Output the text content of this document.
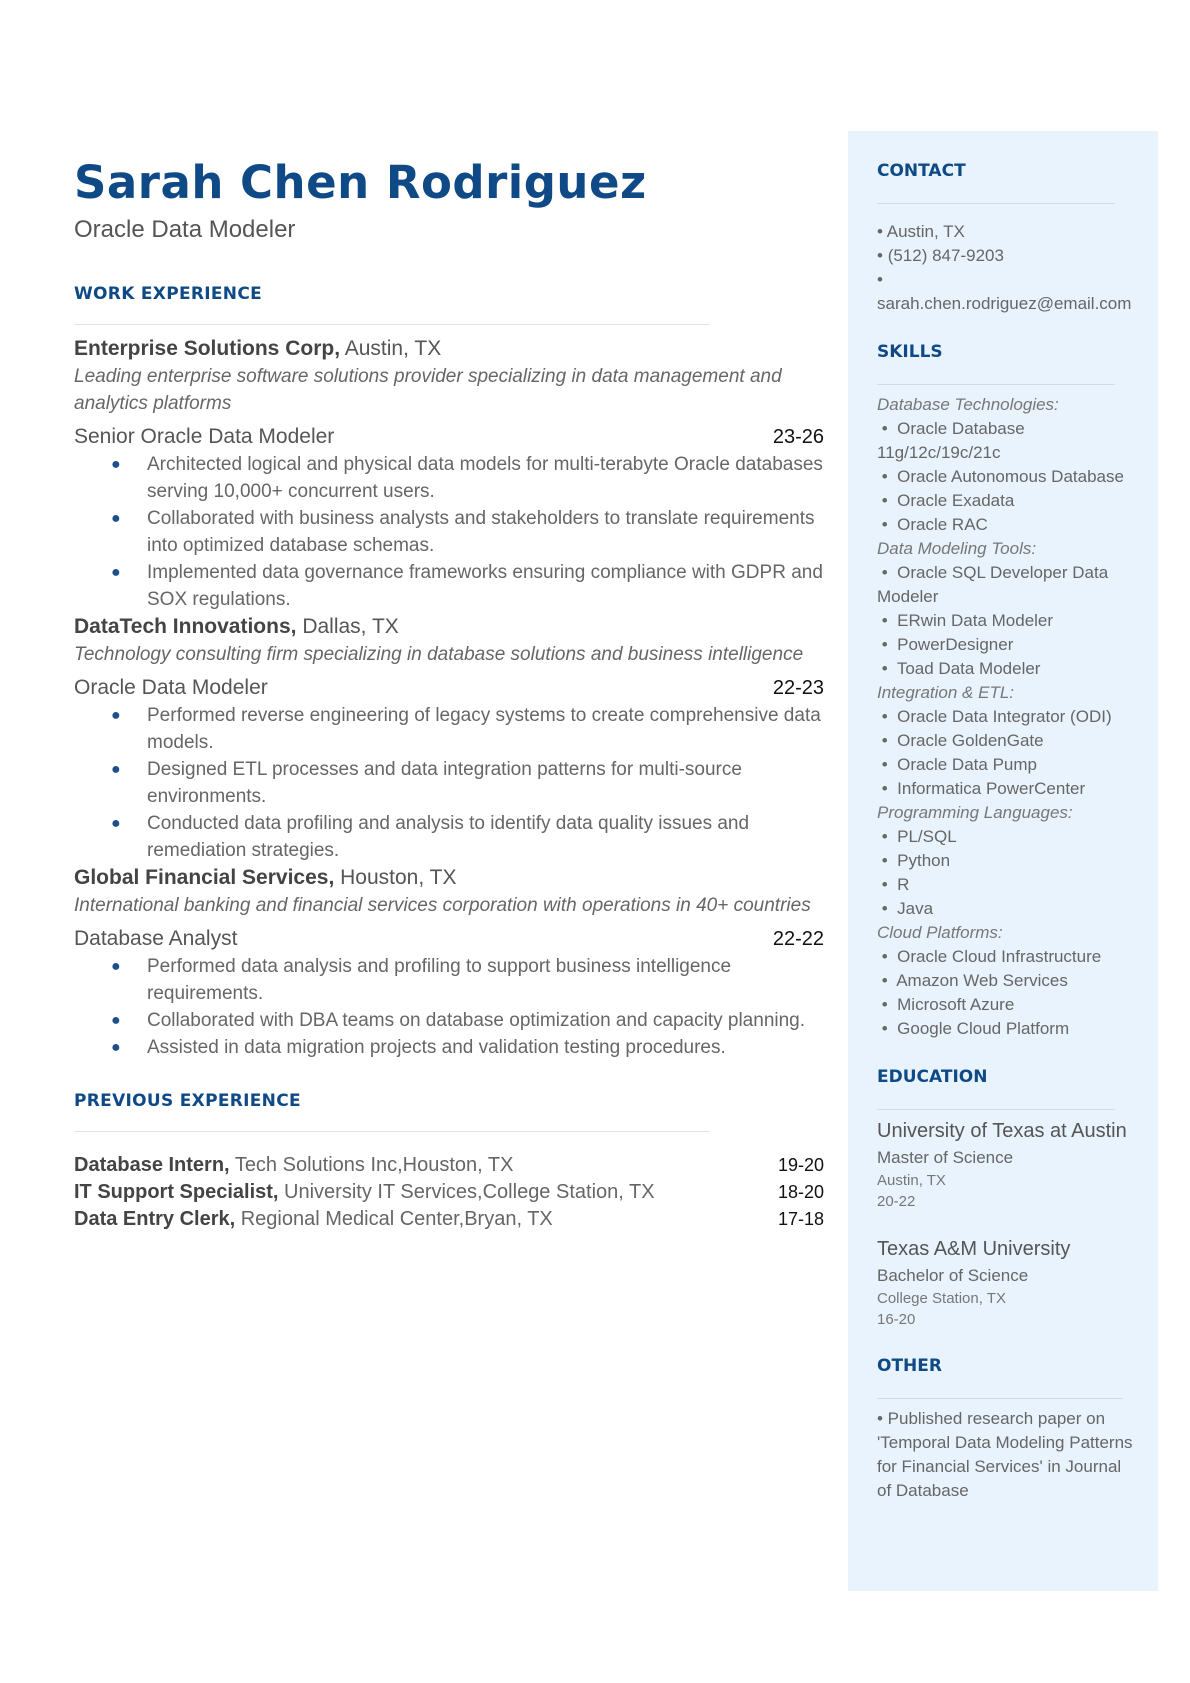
Sarah Chen Rodriguez
Oracle Data Modeler
WORK EXPERIENCE
Enterprise Solutions Corp, Austin, TX
Leading enterprise software solutions provider specializing in data management and analytics platforms
Senior Oracle Data Modeler	23-26
● Architected logical and physical data models for multi-terabyte Oracle databases serving 10,000+ concurrent users.
● Collaborated with business analysts and stakeholders to translate requirements into optimized database schemas.
● Implemented data governance frameworks ensuring compliance with GDPR and SOX regulations.
DataTech Innovations, Dallas, TX
Technology consulting firm specializing in database solutions and business intelligence
Oracle Data Modeler	22-23
● Performed reverse engineering of legacy systems to create comprehensive data models.
● Designed ETL processes and data integration patterns for multi-source environments.
● Conducted data profiling and analysis to identify data quality issues and remediation strategies.
Global Financial Services, Houston, TX
International banking and financial services corporation with operations in 40+ countries
Database Analyst	22-22
● Performed data analysis and profiling to support business intelligence requirements.
● Collaborated with DBA teams on database optimization and capacity planning.
● Assisted in data migration projects and validation testing procedures.
PREVIOUS EXPERIENCE
Database Intern, Tech Solutions Inc,Houston, TX	19-20
IT Support Specialist, University IT Services,College Station, TX	18-20
Data Entry Clerk, Regional Medical Center,Bryan, TX	17-18
CONTACT
• Austin, TX
• (512) 847-9203
•
sarah.chen.rodriguez@email.com
SKILLS
Database Technologies:
• Oracle Database 11g/12c/19c/21c
• Oracle Autonomous Database
• Oracle Exadata
• Oracle RAC
Data Modeling Tools:
• Oracle SQL Developer Data Modeler
• ERwin Data Modeler
• PowerDesigner
• Toad Data Modeler
Integration & ETL:
• Oracle Data Integrator (ODI)
• Oracle GoldenGate
• Oracle Data Pump
• Informatica PowerCenter
Programming Languages:
• PL/SQL
• Python
• R
• Java
Cloud Platforms:
• Oracle Cloud Infrastructure
• Amazon Web Services
• Microsoft Azure
• Google Cloud Platform
EDUCATION
University of Texas at Austin
Master of Science
Austin, TX
20-22
Texas A&M University
Bachelor of Science
College Station, TX
16-20
OTHER
• Published research paper on 'Temporal Data Modeling Patterns for Financial Services' in Journal of Database
